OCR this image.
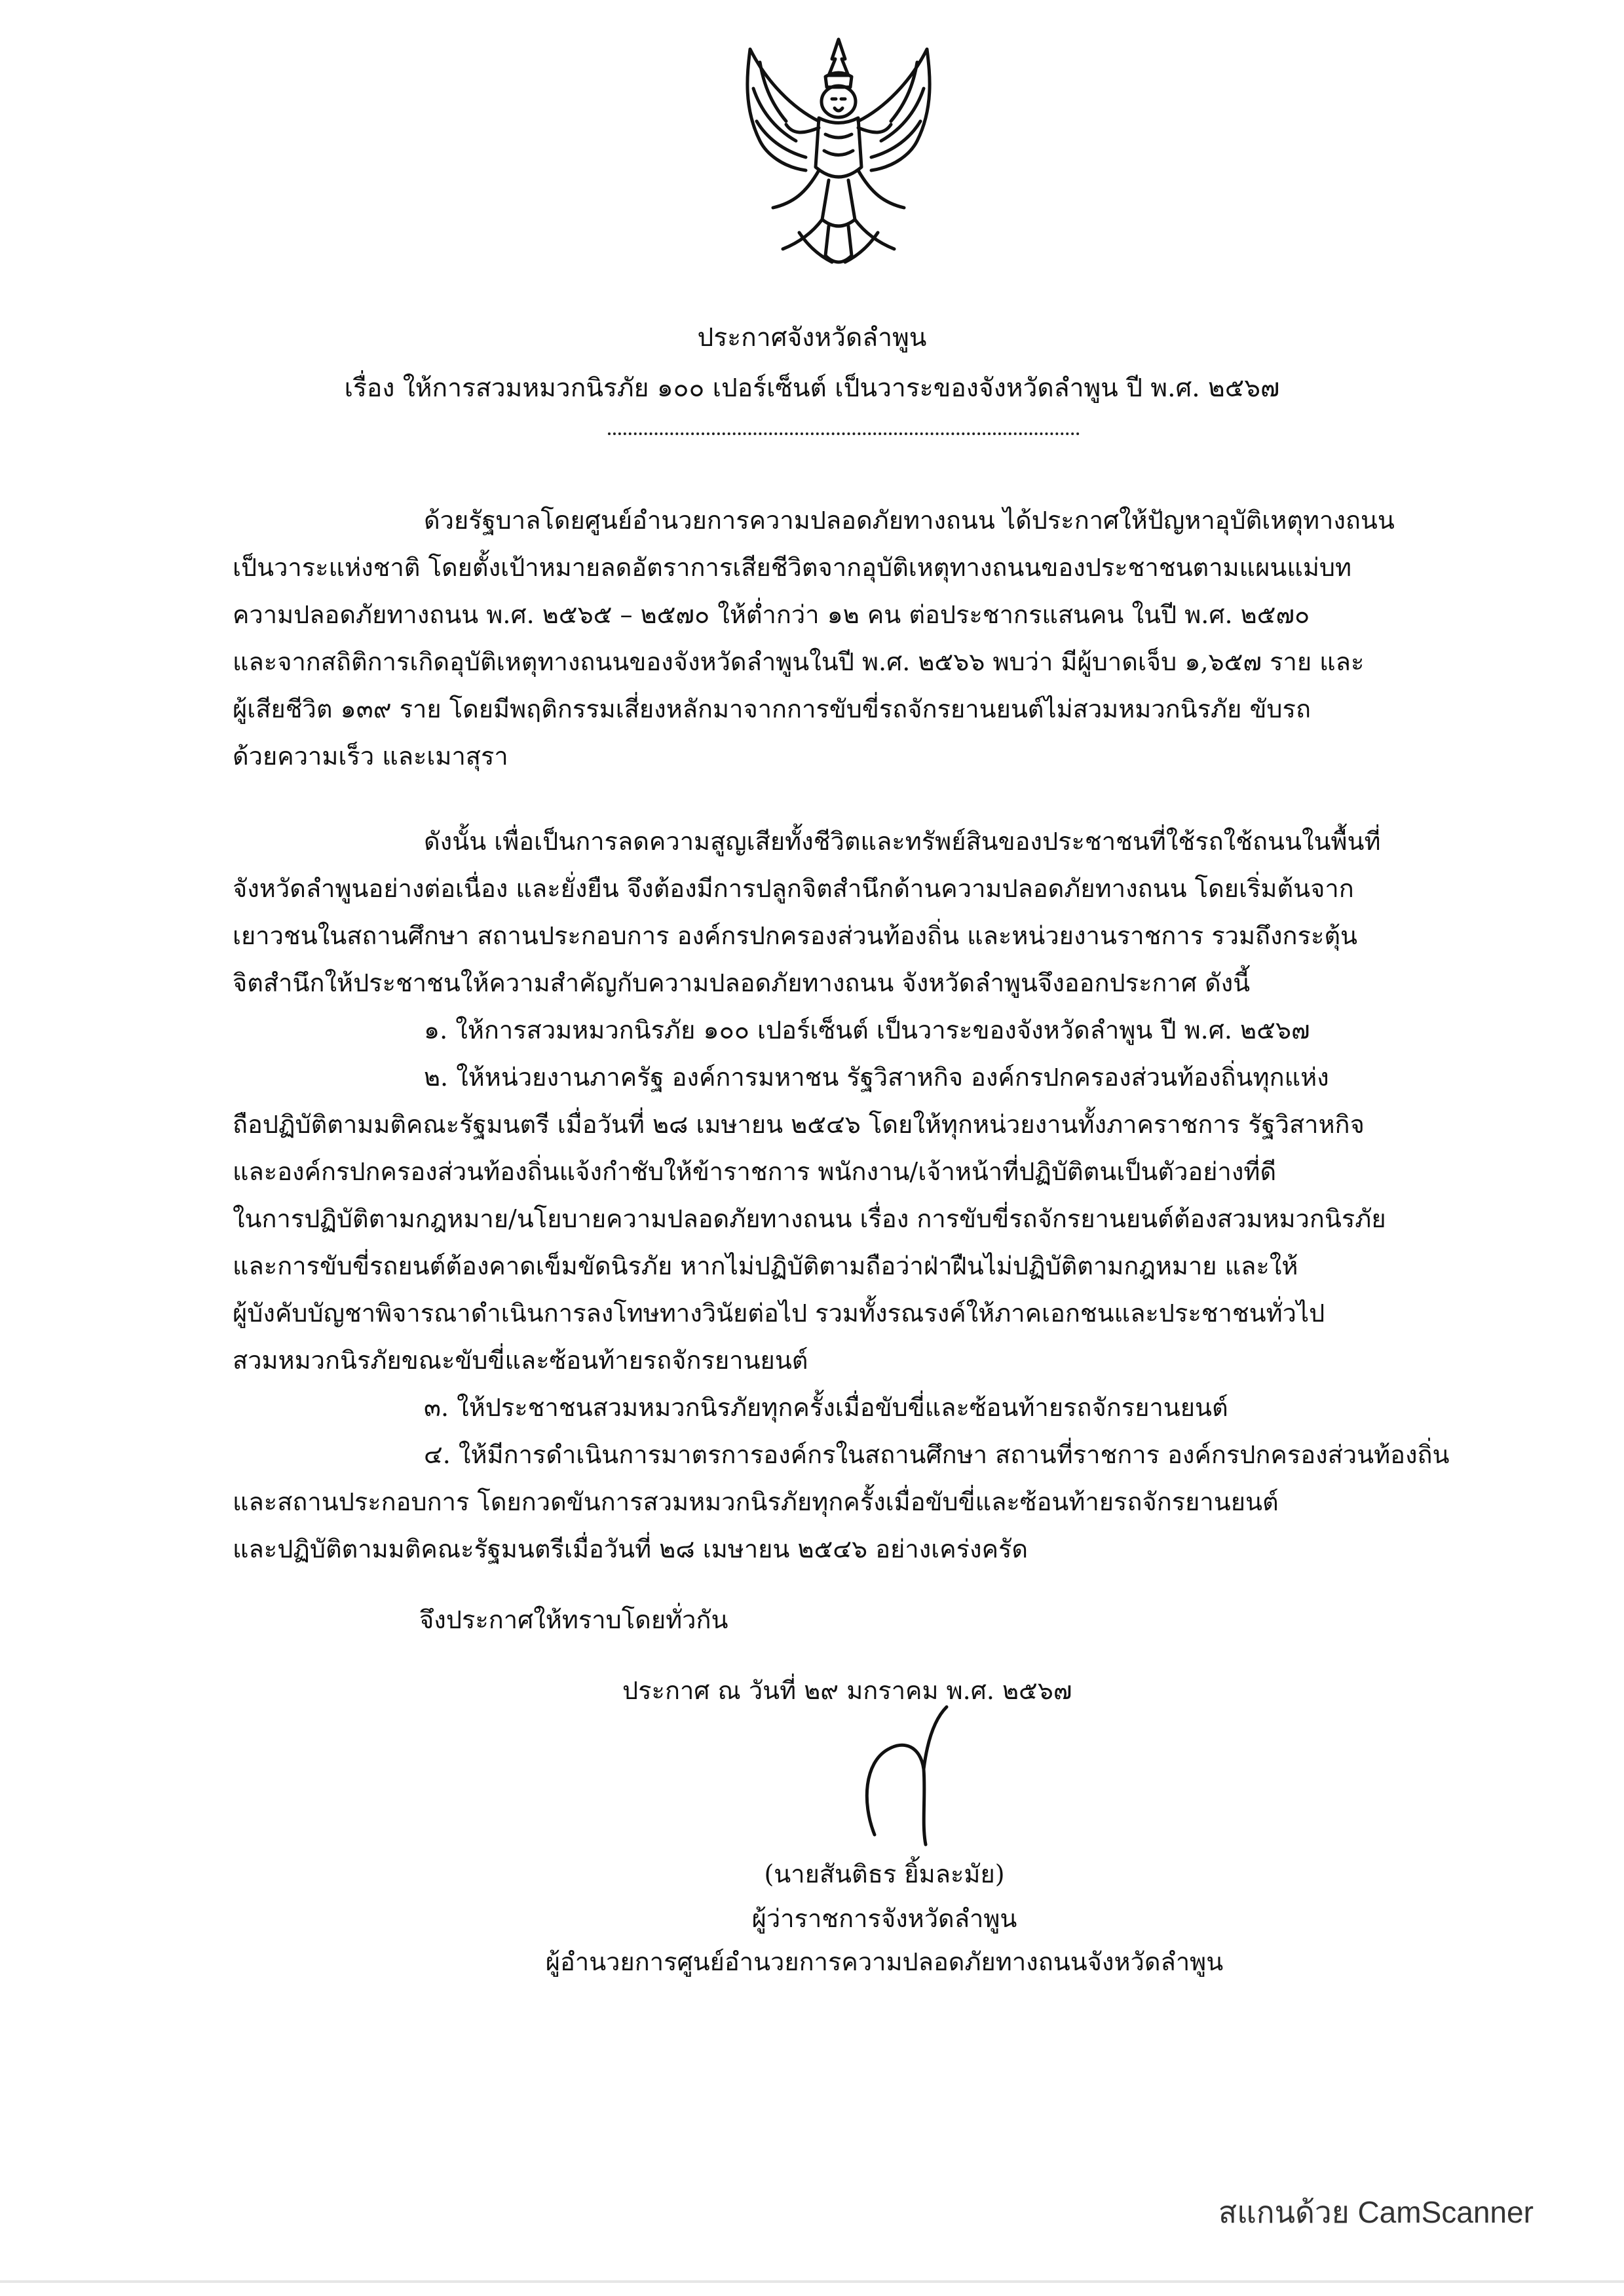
ประกาศจังหวัดลำพูน
เรื่อง ให้การสวมหมวกนิรภัย ๑๐๐ เปอร์เซ็นต์ เป็นวาระของจังหวัดลำพูน ปี พ.ศ. ๒๕๖๗
ด้วยรัฐบาลโดยศูนย์อำนวยการความปลอดภัยทางถนน ได้ประกาศให้ปัญหาอุบัติเหตุทางถนน
เป็นวาระแห่งชาติ โดยตั้งเป้าหมายลดอัตราการเสียชีวิตจากอุบัติเหตุทางถนนของประชาชนตามแผนแม่บท
ความปลอดภัยทางถนน พ.ศ. ๒๕๖๕ – ๒๕๗๐ ให้ต่ำกว่า ๑๒ คน ต่อประชากรแสนคน ในปี พ.ศ. ๒๕๗๐
และจากสถิติการเกิดอุบัติเหตุทางถนนของจังหวัดลำพูนในปี พ.ศ. ๒๕๖๖ พบว่า มีผู้บาดเจ็บ ๑,๖๕๗ ราย และ
ผู้เสียชีวิต ๑๓๙ ราย โดยมีพฤติกรรมเสี่ยงหลักมาจากการขับขี่รถจักรยานยนต์ไม่สวมหมวกนิรภัย ขับรถ
ด้วยความเร็ว และเมาสุรา
ดังนั้น เพื่อเป็นการลดความสูญเสียทั้งชีวิตและทรัพย์สินของประชาชนที่ใช้รถใช้ถนนในพื้นที่
จังหวัดลำพูนอย่างต่อเนื่อง และยั่งยืน จึงต้องมีการปลูกจิตสำนึกด้านความปลอดภัยทางถนน โดยเริ่มต้นจาก
เยาวชนในสถานศึกษา สถานประกอบการ องค์กรปกครองส่วนท้องถิ่น และหน่วยงานราชการ รวมถึงกระตุ้น
จิตสำนึกให้ประชาชนให้ความสำคัญกับความปลอดภัยทางถนน จังหวัดลำพูนจึงออกประกาศ ดังนี้
๑. ให้การสวมหมวกนิรภัย ๑๐๐ เปอร์เซ็นต์ เป็นวาระของจังหวัดลำพูน ปี พ.ศ. ๒๕๖๗
๒. ให้หน่วยงานภาครัฐ องค์การมหาชน รัฐวิสาหกิจ องค์กรปกครองส่วนท้องถิ่นทุกแห่ง
ถือปฏิบัติตามมติคณะรัฐมนตรี เมื่อวันที่ ๒๘ เมษายน ๒๕๔๖ โดยให้ทุกหน่วยงานทั้งภาคราชการ รัฐวิสาหกิจ
และองค์กรปกครองส่วนท้องถิ่นแจ้งกำชับให้ข้าราชการ พนักงาน/เจ้าหน้าที่ปฏิบัติตนเป็นตัวอย่างที่ดี
ในการปฏิบัติตามกฎหมาย/นโยบายความปลอดภัยทางถนน เรื่อง การขับขี่รถจักรยานยนต์ต้องสวมหมวกนิรภัย
และการขับขี่รถยนต์ต้องคาดเข็มขัดนิรภัย หากไม่ปฏิบัติตามถือว่าฝ่าฝืนไม่ปฏิบัติตามกฎหมาย และให้
ผู้บังคับบัญชาพิจารณาดำเนินการลงโทษทางวินัยต่อไป รวมทั้งรณรงค์ให้ภาคเอกชนและประชาชนทั่วไป
สวมหมวกนิรภัยขณะขับขี่และซ้อนท้ายรถจักรยานยนต์
๓. ให้ประชาชนสวมหมวกนิรภัยทุกครั้งเมื่อขับขี่และซ้อนท้ายรถจักรยานยนต์
๔. ให้มีการดำเนินการมาตรการองค์กรในสถานศึกษา สถานที่ราชการ องค์กรปกครองส่วนท้องถิ่น
และสถานประกอบการ โดยกวดขันการสวมหมวกนิรภัยทุกครั้งเมื่อขับขี่และซ้อนท้ายรถจักรยานยนต์
และปฏิบัติตามมติคณะรัฐมนตรีเมื่อวันที่ ๒๘ เมษายน ๒๕๔๖ อย่างเคร่งครัด
จึงประกาศให้ทราบโดยทั่วกัน
ประกาศ ณ วันที่ ๒๙ มกราคม พ.ศ. ๒๕๖๗
(นายสันติธร ยิ้มละมัย)
ผู้ว่าราชการจังหวัดลำพูน
ผู้อำนวยการศูนย์อำนวยการความปลอดภัยทางถนนจังหวัดลำพูน
สแกนด้วย CamScanner
